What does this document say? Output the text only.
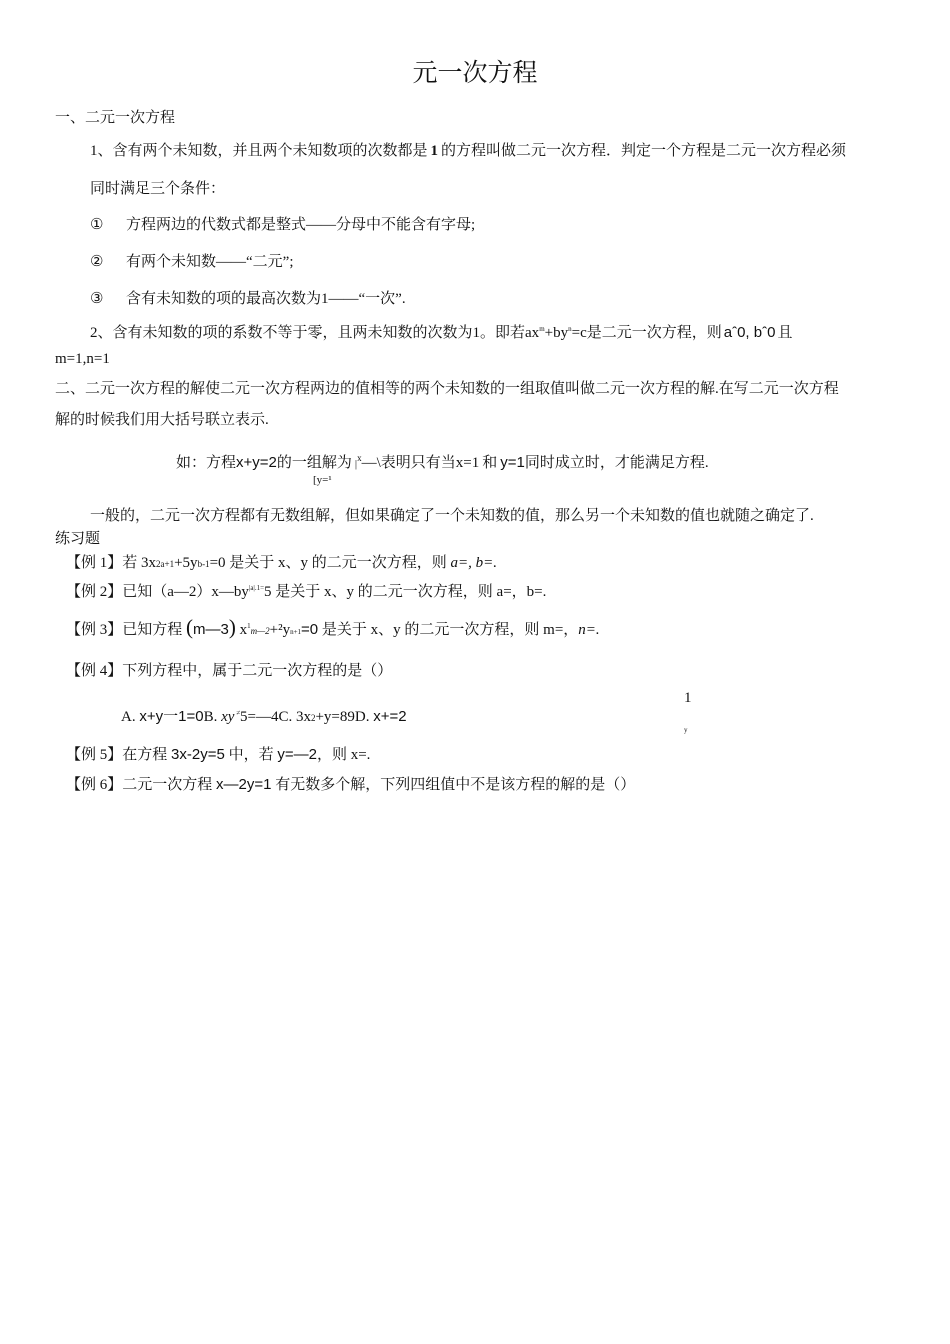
元一次方程
一、二元一次方程
1、含有两个未知数，并且两个未知数项的次数都是 1 的方程叫做二元一次方程．判定一个方程是二元一次方程必须
同时满足三个条件：
① 方程两边的代数式都是整式——分母中不能含有字母;
② 有两个未知数——“二元”;
③ 含有未知数的项的最高次数为1——“一次”.
2、含有未知数的项的系数不等于零，且两未知数的次数为1。即若$ax^m+by^n=c$是二元一次方程，则 aˆ0, bˆ0 且
m=1,n=1
二、二元一次方程的解使二元一次方程两边的值相等的两个未知数的一组取值叫做二元一次方程的解.在写二元一次方程
解的时候我们用大括号联立表示.
如：方程x+y=2的一组解为 $|^x—\backslash$表明只有当x=1 和 y=1同时成立时，才能满足方程.
[y=¹
一般的，二元一次方程都有无数组解，但如果确定了一个未知数的值，那么另一个未知数的值也就随之确定了.
练习题
【例 1】若 3x2a+1+5yb-1=0 是关于 x、y 的二元一次方程，则 a=, b=.
【例 2】已知$(a—2)x—by^{|a|.1=}5$ 是关于 x、y 的二元一次方程，则 a=，b=.
【例 3】已知方程 (m—3) $x^1m—2+^2yn+1=0$ 是关于 x、y 的二元一次方程，则 m=，n=.
【例 4】下列方程中，属于二元一次方程的是（）
1
A. x+y一1=0B. xy ≠5=—4C. 3x2+y=89D. x+=2
y
【例 5】在方程 3x-2y=5 中，若 y=—2，则 x=.
【例 6】二元一次方程 x—2y=1 有无数多个解，下列四组值中不是该方程的解的是（）
